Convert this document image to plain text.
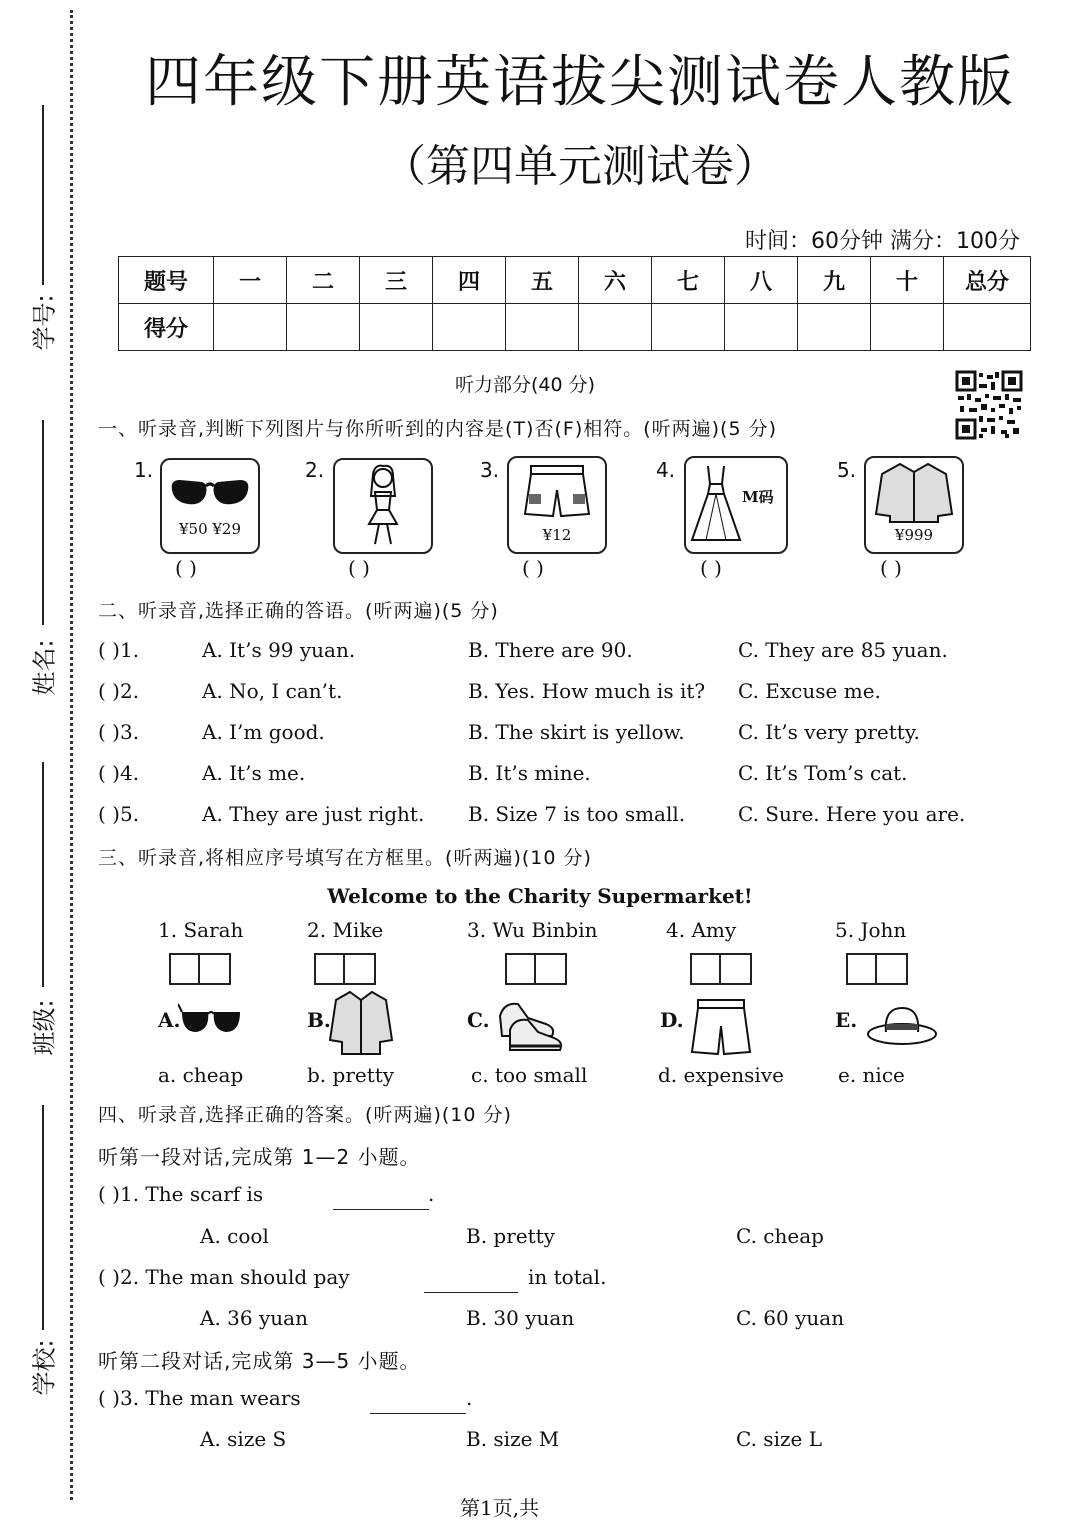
学号:
姓名:
班级:
学校:
四年级下册英语拔尖测试卷人教版
（第四单元测试卷）
时间：60分钟 满分：100分
题号	一	二	三	四	五	六	七	八	九	十	总分
得分											
听力部分(40 分)
一、听录音,判断下列图片与你所听到的内容是(T)否(F)相符。(听两遍)(5 分)
1.
¥50 ¥29
2.	3.
¥12
4.
M码
5.
¥999
( )	( )	( )	( )	( )
二、听录音,选择正确的答语。(听两遍)(5 分)
( )1.	A. It’s 99 yuan.	B. There are 90.	C. They are 85 yuan.
( )2.	A. No, I can’t.	B. Yes. How much is it? C. Excuse me.
( )3.	A. I’m good.	B. The skirt is yellow.	C. It’s very pretty.
( )4.	A. It’s me.	B. It’s mine.	C. It’s Tom’s cat.
( )5.	A. They are just right. B. Size 7 is too small.	C. Sure. Here you are.
三、听录音,将相应序号填写在方框里。(听两遍)(10 分)
Welcome to the Charity Supermarket!
1. Sarah	2. Mike	3. Wu Binbin	4. Amy	5. John
A.	B.	C.	D.	E.
a. cheap	b. pretty	c. too small	d. expensive	e. nice
四、听录音,选择正确的答案。(听两遍)(10 分)
听第一段对话,完成第 1—2 小题。
( )1. The scarf is	.
A. cool	B. pretty	C. cheap
( )2. The man should pay	in total.
A. 36 yuan	B. 30 yuan	C. 60 yuan
听第二段对话,完成第 3—5 小题。
( )3. The man wears	.
A. size S	B. size M	C. size L
第1页,共
